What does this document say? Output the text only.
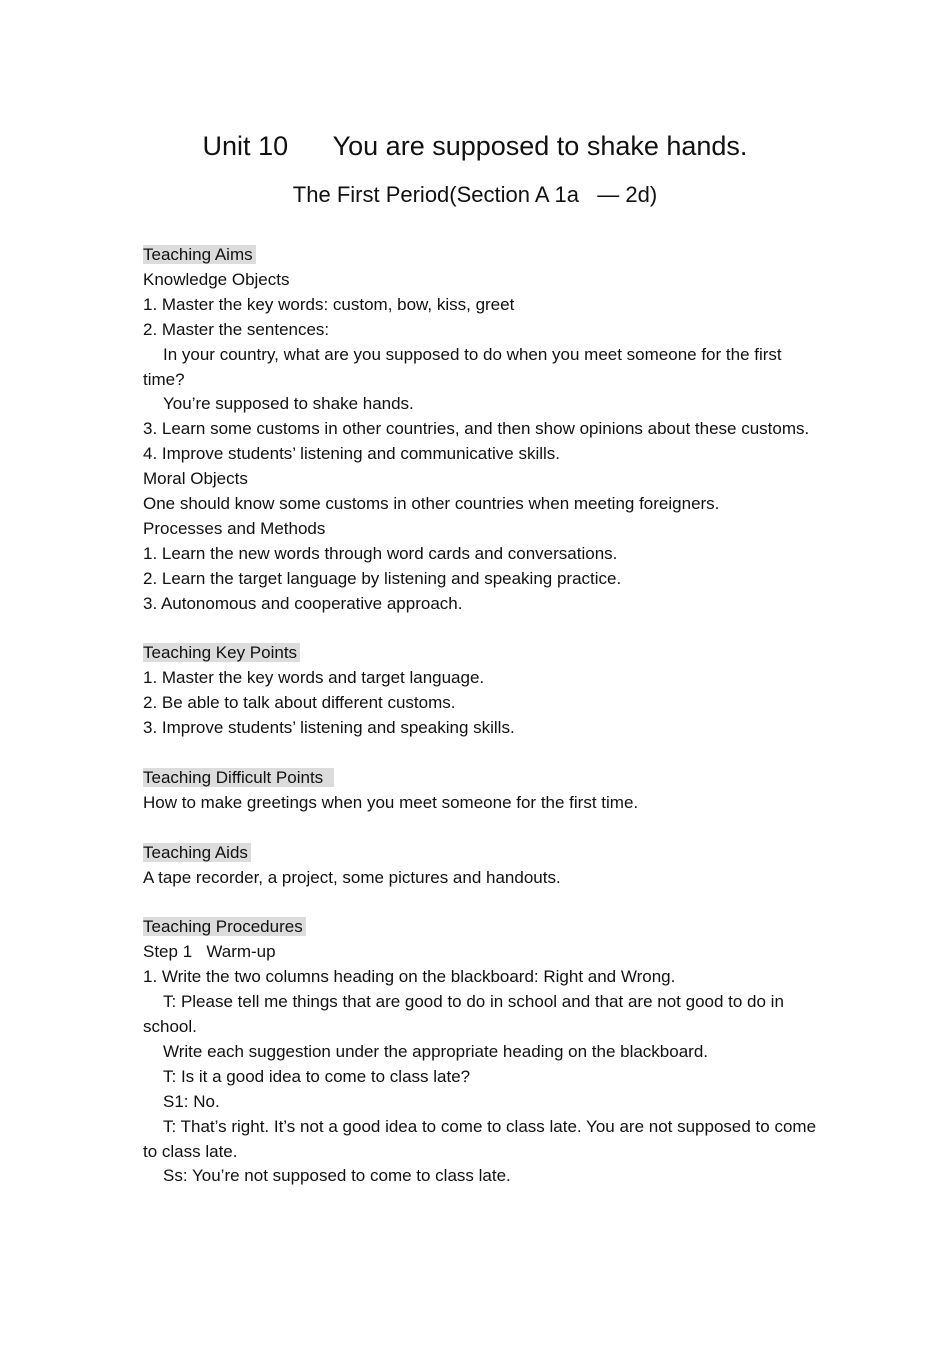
Unit 10      You are supposed to shake hands.
The First Period(Section A 1a   — 2d)
Teaching Aims
Knowledge Objects
1. Master the key words: custom, bow, kiss, greet
2. Master the sentences:
In your country, what are you supposed to do when you meet someone for the first time?
You’re supposed to shake hands.
3. Learn some customs in other countries, and then show opinions about these customs.
4. Improve students’ listening and communicative skills.
Moral Objects
One should know some customs in other countries when meeting foreigners.
Processes and Methods
1. Learn the new words through word cards and conversations.
2. Learn the target language by listening and speaking practice.
3. Autonomous and cooperative approach.
Teaching Key Points
1. Master the key words and target language.
2. Be able to talk about different customs.
3. Improve students’ listening and speaking skills.
Teaching Difficult Points
How to make greetings when you meet someone for the first time.
Teaching Aids
A tape recorder, a project, some pictures and handouts.
Teaching Procedures
Step 1   Warm-up
1. Write the two columns heading on the blackboard: Right and Wrong.
T: Please tell me things that are good to do in school and that are not good to do in school.
Write each suggestion under the appropriate heading on the blackboard.
T: Is it a good idea to come to class late?
S1: No.
T: That’s right. It’s not a good idea to come to class late. You are not supposed to come to class late.
Ss: You’re not supposed to come to class late.
